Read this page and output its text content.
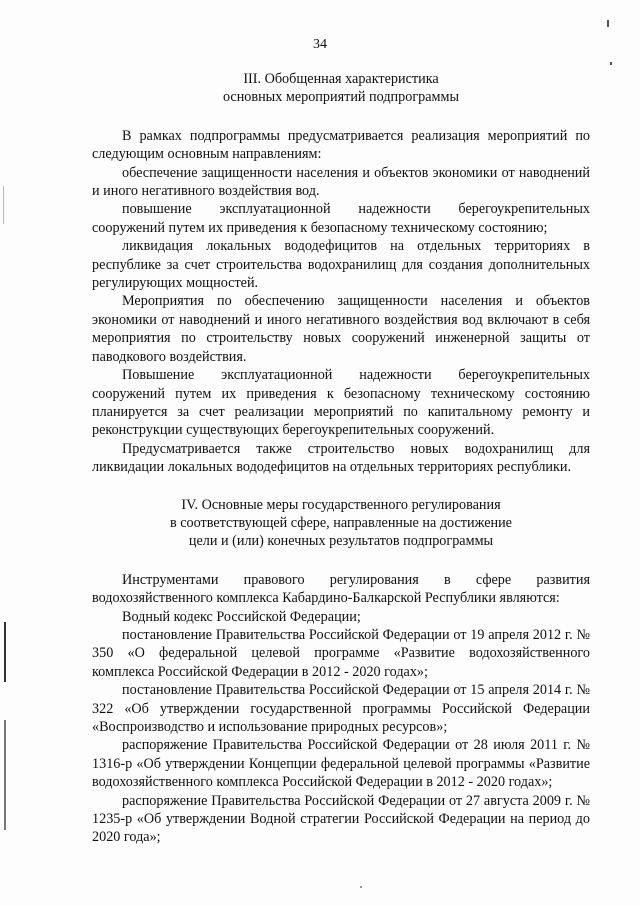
34
III. Обобщенная характеристика
основных мероприятий подпрограммы

В рамках подпрограммы предусматривается реализация мероприятий по следующим основным направлениям:

обеспечение защищенности населения и объектов экономики от наводнений и иного негативного воздействия вод.

повышение эксплуатационной надежности берегоукрепительных сооружений путем их приведения к безопасному техническому состоянию;

ликвидация локальных вододефицитов на отдельных территориях в республике за счет строительства водохранилищ для создания дополнительных регулирующих мощностей.

Мероприятия по обеспечению защищенности населения и объектов экономики от наводнений и иного негативного воздействия вод включают в себя мероприятия по строительству новых сооружений инженерной защиты от паводкового воздействия.

Повышение эксплуатационной надежности берегоукрепительных сооружений путем их приведения к безопасному техническому состоянию планируется за счет реализации мероприятий по капитальному ремонту и реконструкции существующих берегоукрепительных сооружений.

Предусматривается также строительство новых водохранилищ для ликвидации локальных вододефицитов на отдельных территориях республики.

IV. Основные меры государственного регулирования
в соответствующей сфере, направленные на достижение
цели и (или) конечных результатов подпрограммы

Инструментами правового регулирования в сфере развития водохозяйственного комплекса Кабардино-Балкарской Республики являются:

Водный кодекс Российской Федерации;

постановление Правительства Российской Федерации от 19 апреля 2012 г. № 350 «О федеральной целевой программе «Развитие водохозяйственного комплекса Российской Федерации в 2012 - 2020 годах»;

постановление Правительства Российской Федерации от 15 апреля 2014 г. № 322 «Об утверждении государственной программы Российской Федерации «Воспроизводство и использование природных ресурсов»;

распоряжение Правительства Российской Федерации от 28 июля 2011 г. № 1316-р «Об утверждении Концепции федеральной целевой программы «Развитие водохозяйственного комплекса Российской Федерации в 2012 - 2020 годах»;

распоряжение Правительства Российской Федерации от 27 августа 2009 г. № 1235-р «Об утверждении Водной стратегии Российской Федерации на период до 2020 года»;
